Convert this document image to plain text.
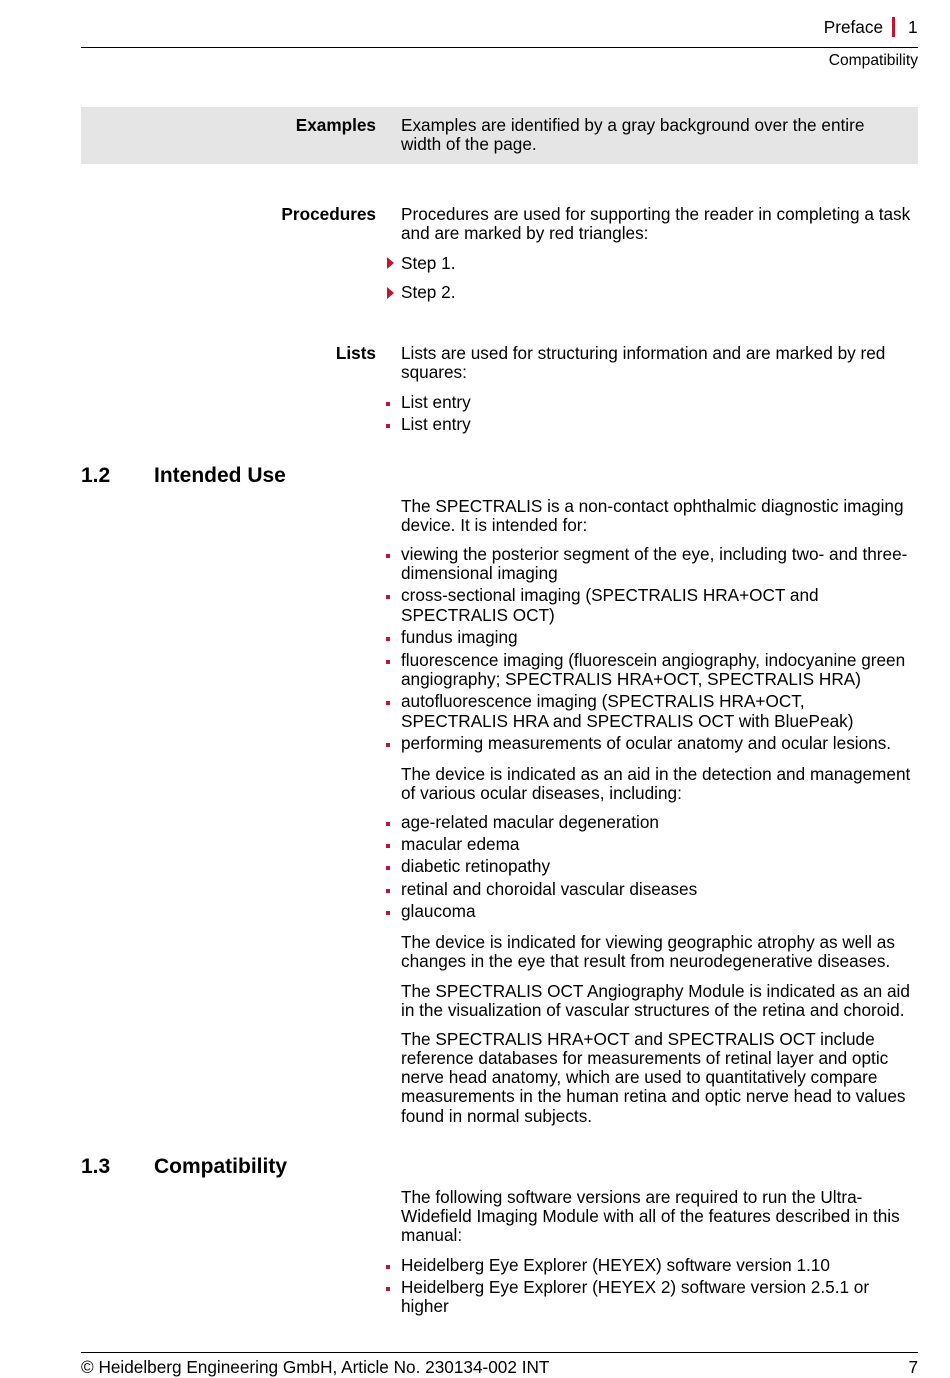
Preface 1
Compatibility
Examples Examples are identified by a gray background over the entire
width of the page.
Procedures Procedures are used for supporting the reader in completing a task
and are marked by red triangles:
Step 1.
Step 2.
Lists Lists are used for structuring information and are marked by red
squares:
List entry
List entry
1.2 Intended Use
The SPECTRALIS is a non-contact ophthalmic diagnostic imaging
device. It is intended for:
viewing the posterior segment of the eye, including two- and three-
dimensional imaging
cross-sectional imaging (SPECTRALIS HRA+OCT and
SPECTRALIS OCT)
fundus imaging
fluorescence imaging (fluorescein angiography, indocyanine green
angiography; SPECTRALIS HRA+OCT, SPECTRALIS HRA)
autofluorescence imaging (SPECTRALIS HRA+OCT,
SPECTRALIS HRA and SPECTRALIS OCT with BluePeak)
performing measurements of ocular anatomy and ocular lesions.
The device is indicated as an aid in the detection and management
of various ocular diseases, including:
age-related macular degeneration
macular edema
diabetic retinopathy
retinal and choroidal vascular diseases
glaucoma
The device is indicated for viewing geographic atrophy as well as
changes in the eye that result from neurodegenerative diseases.
The SPECTRALIS OCT Angiography Module is indicated as an aid
in the visualization of vascular structures of the retina and choroid.
The SPECTRALIS HRA+OCT and SPECTRALIS OCT include
reference databases for measurements of retinal layer and optic
nerve head anatomy, which are used to quantitatively compare
measurements in the human retina and optic nerve head to values
found in normal subjects.
1.3 Compatibility
The following software versions are required to run the Ultra-
Widefield Imaging Module with all of the features described in this
manual:
Heidelberg Eye Explorer (HEYEX) software version 1.10
Heidelberg Eye Explorer (HEYEX 2) software version 2.5.1 or
higher
© Heidelberg Engineering GmbH, Article No. 230134-002 INT	7
